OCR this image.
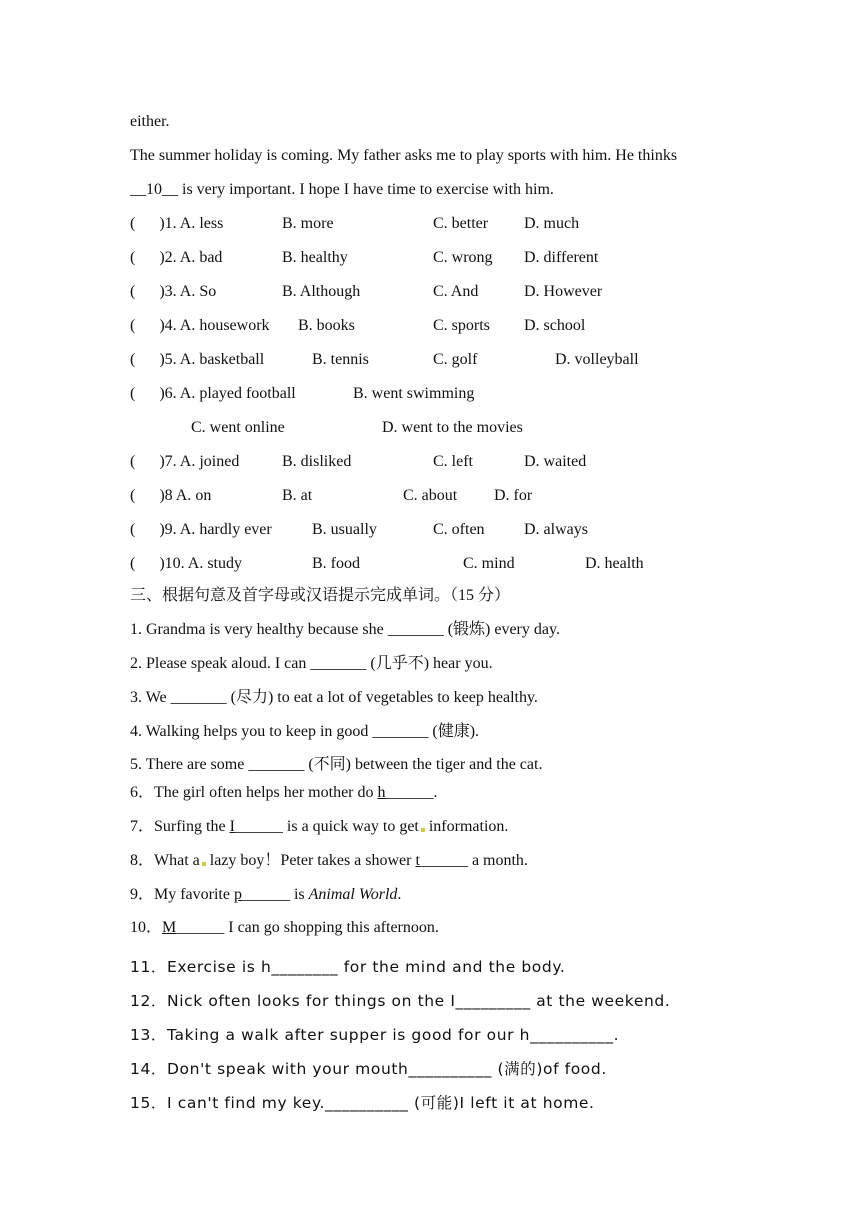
either.
The summer holiday is coming. My father asks me to play sports with him. He thinks
__10__ is very important. I hope I have time to exercise with him.
(      )1. A. less	B. more	C. better D. much
(      )2. A. bad	B. healthy	C. wrong D. different
(      )3. A. So	B. Although	C. And	D. However
(      )4. A. housework B. books	C. sports D. school
(      )5. A. basketball	B. tennis	C. golf	D. volleyball
(      )6. A. played football	B. went swimming
C. went online	D. went to the movies
(      )7. A. joined	B. disliked	C. left	D. waited
(      )8 A. on	B. at	C. about D. for
(      )9. A. hardly ever	B. usually	C. often D. always
(      )10. A. study	B. food	C. mind	D. health
三、根据句意及首字母或汉语提示完成单词。（15 分）
1. Grandma is very healthy because she _______ (锻炼) every day.
2. Please speak aloud. I can _______ (几乎不) hear you.
3. We _______ (尽力) to eat a lot of vegetables to keep healthy.
4. Walking helps you to keep in good _______ (健康).
5. There are some _______ (不同) between the tiger and the cat.
6．The girl often helps her mother do h______.
7．Surfing the I______ is a quick way to get information.
8．What a lazy boy！Peter takes a shower t______ a month.
9．My favorite p______ is Animal World.
10．M______ I can go shopping this afternoon.
11．Exercise is h________ for the mind and the body.
12．Nick often looks for things on the I_________ at the weekend.
13．Taking a walk after supper is good for our h__________.
14．Don't speak with your mouth__________ (满的)of food.
15．I can't find my key.__________ (可能)I left it at home.
